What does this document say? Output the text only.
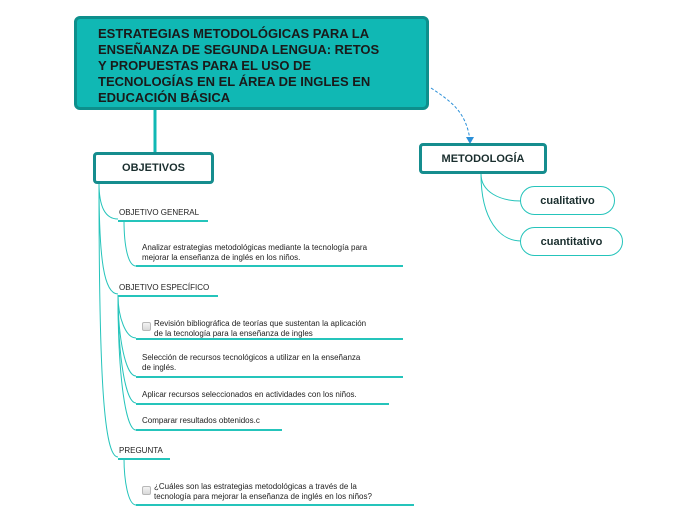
ESTRATEGIAS METODOLÓGICAS PARA LA
ENSEÑANZA DE SEGUNDA LENGUA: RETOS
Y PROPUESTAS PARA EL USO DE
TECNOLOGÍAS EN EL ÁREA DE INGLES EN
EDUCACIÓN BÁSICA
OBJETIVOS
METODOLOGÍA
cualitativo
cuantitativo
OBJETIVO GENERAL
Analizar estrategias metodológicas mediante la tecnología para
mejorar la enseñanza de inglés en los niños.
OBJETIVO ESPECÍFICO
Revisión bibliográfica de teorías que sustentan la aplicación
de la tecnología para la enseñanza de ingles
Selección de recursos tecnológicos a utilizar en la enseñanza
de inglés.
Aplicar recursos seleccionados en actividades con los niños.
Comparar resultados obtenidos.c
PREGUNTA
¿Cuáles son las estrategias metodológicas a través de la
tecnología para mejorar la enseñanza de inglés en los niños?
